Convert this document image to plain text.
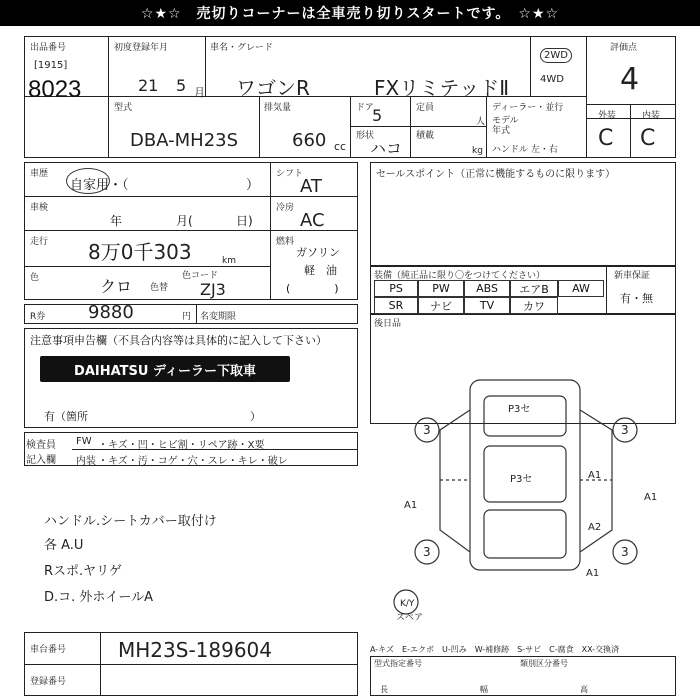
☆★☆　売切りコーナーは全車売り切りスタートです。　☆★☆
出品番号
[1915]
8023
初度登録年月
21 5 月
車名・グレード
ワゴンR	FXリミテッドⅡ
2WD
4WD
評価点
4
型式
DBA-MH23S
排気量
660 cc
ドア
5	定員
人
形状
ハコ
積載
kg
ディーラー・並行
モデル
年式
ハンドル 左・右
外装	内装
C C
車歴
自家用・（	）
車検
年	月(	日)
走行 8万0千303	km
色	クロ 色替
色コード
ZJ3
シフト
AT
冷房
AC
燃料
ガソリン
軽　油
(　　　　)
セールスポイント（正常に機能するものに限ります）
装備（純正品に限り〇をつけてください）	新車保証
有・無
PS	PW	ABS	エアB	AW
SR	ナビ	TV	カワ
後日品
R券 9880	円 名変期限
注意事項申告欄（不具合内容等は具体的に記入して下さい）
DAIHATSU ディーラー下取車
有（箇所	）
検査員
記入欄
FW ・キズ・凹・ヒビ割・リペア跡・X要
内装 ・キズ・汚・コゲ・穴・スレ・キレ・破レ
ハンドル.シートカバー取付け
各 A.U
Rスポ.ヤリゲ
D.コ. 外ホイールA
P3セ
P3セ
A1
A1
A1
A2
A1
3	3
3	3
K/Y
スペア
車台番号	MH23S-189604
登録番号
A-キズ　E-エクボ　U-凹み　W-補修跡　S-サビ　C-腐食　XX-交換済
型式指定番号	類別区分番号
長	幅	高
